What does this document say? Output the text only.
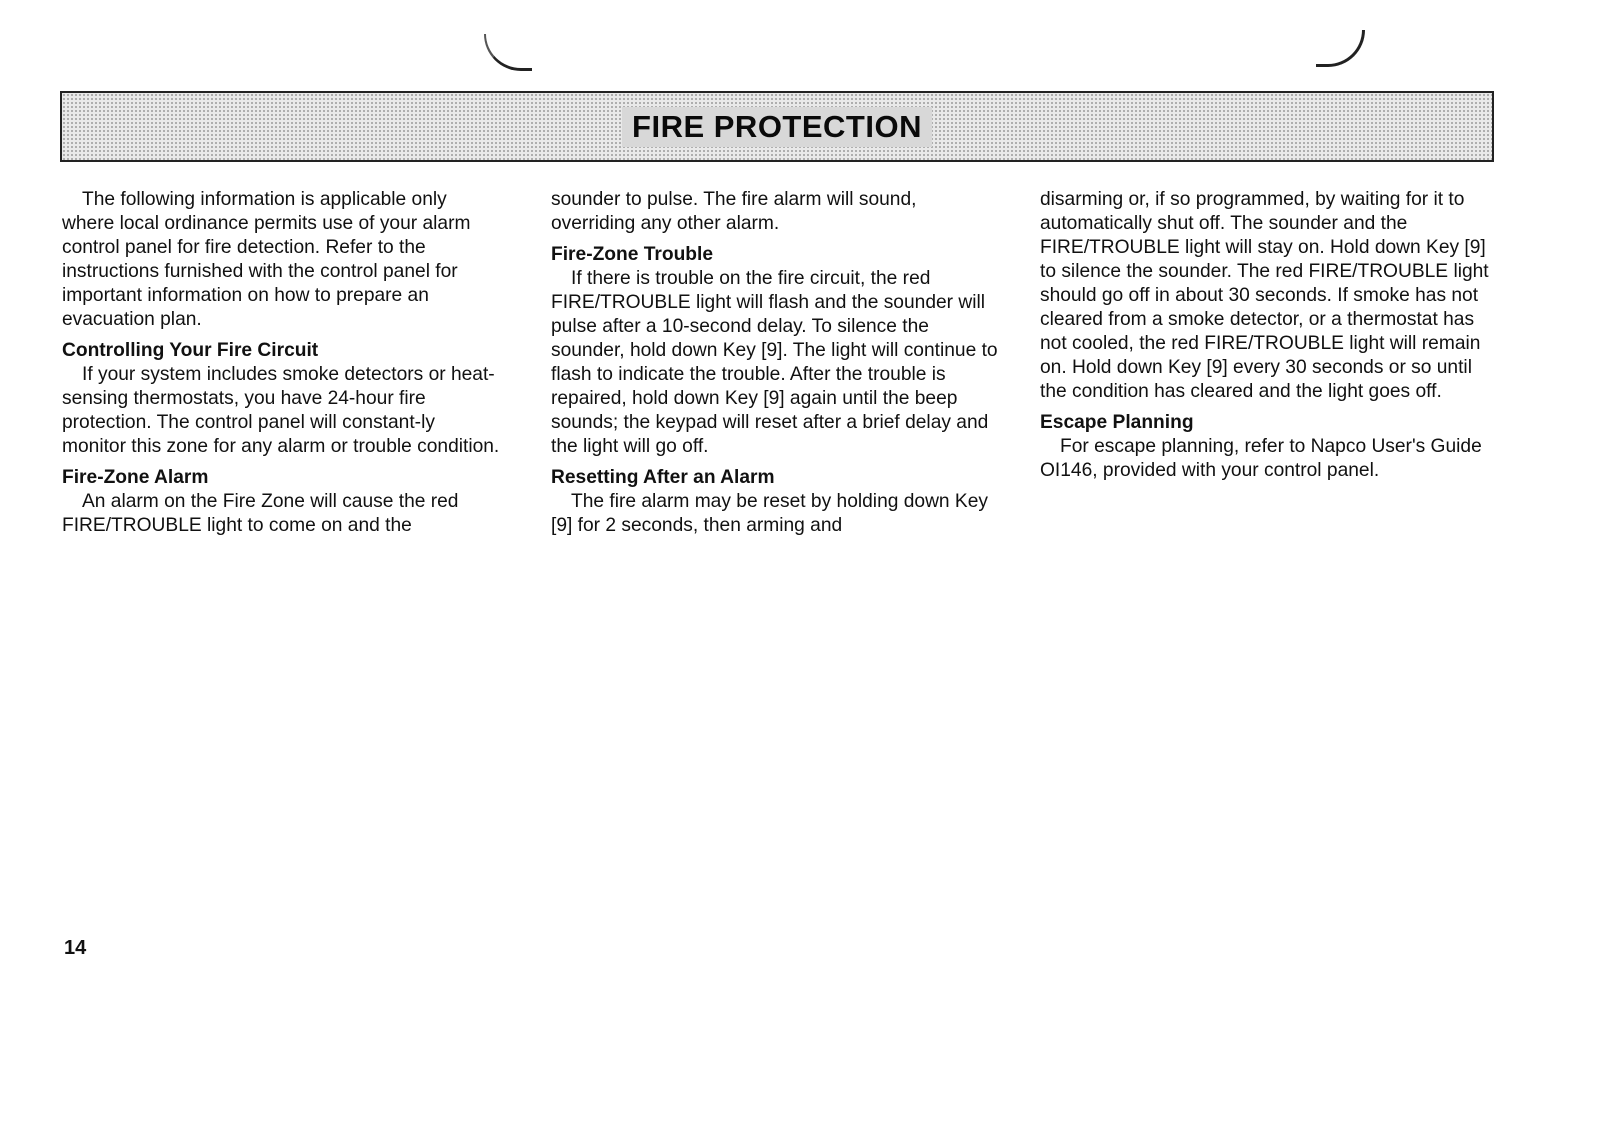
FIRE PROTECTION

The following information is applicable only where local ordinance permits use of your alarm control panel for fire detection. Refer to the instructions furnished with the control panel for important information on how to prepare an evacuation plan.

Controlling Your Fire Circuit

If your system includes smoke detectors or heat-sensing thermostats, you have 24-hour fire protection. The control panel will constant-ly monitor this zone for any alarm or trouble condition.

Fire-Zone Alarm

An alarm on the Fire Zone will cause the red FIRE/TROUBLE light to come on and the

sounder to pulse. The fire alarm will sound, overriding any other alarm.

Fire-Zone Trouble

If there is trouble on the fire circuit, the red FIRE/TROUBLE light will flash and the sounder will pulse after a 10-second delay. To silence the sounder, hold down Key [9]. The light will continue to flash to indicate the trouble. After the trouble is repaired, hold down Key [9] again until the beep sounds; the keypad will reset after a brief delay and the light will go off.

Resetting After an Alarm

The fire alarm may be reset by holding down Key [9] for 2 seconds, then arming and

disarming or, if so programmed, by waiting for it to automatically shut off. The sounder and the FIRE/TROUBLE light will stay on. Hold down Key [9] to silence the sounder. The red FIRE/TROUBLE light should go off in about 30 seconds. If smoke has not cleared from a smoke detector, or a thermostat has not cooled, the red FIRE/TROUBLE light will remain on. Hold down Key [9] every 30 seconds or so until the condition has cleared and the light goes off.

Escape Planning

For escape planning, refer to Napco User's Guide OI146, provided with your control panel.

14
